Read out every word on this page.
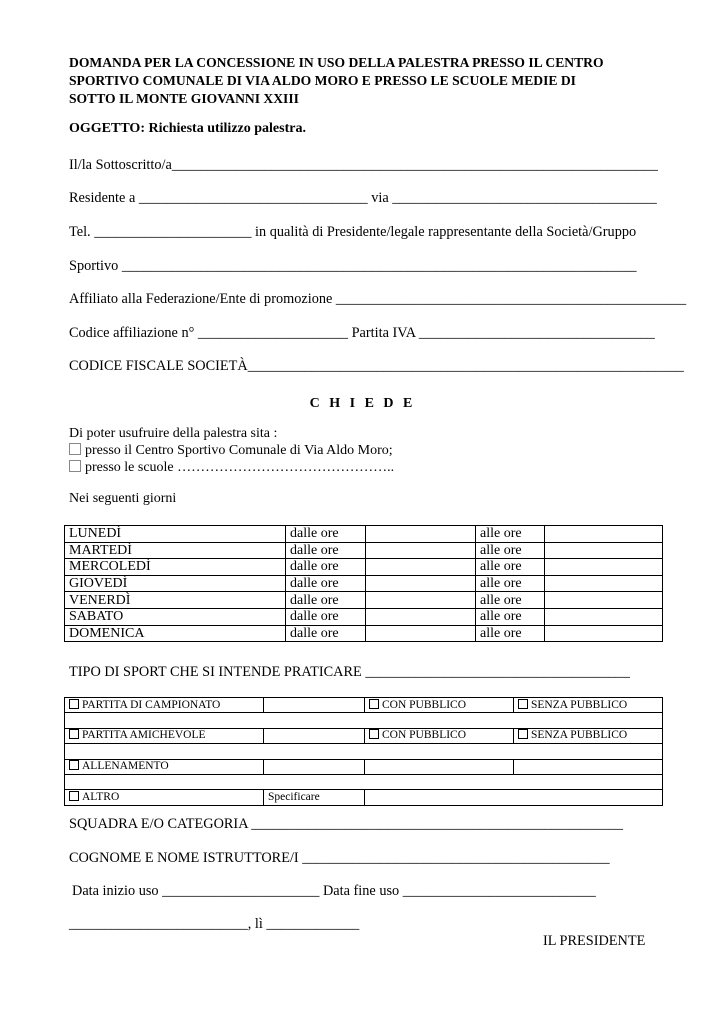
DOMANDA PER LA CONCESSIONE IN USO DELLA PALESTRA PRESSO IL CENTRO
SPORTIVO COMUNALE DI VIA ALDO MORO E PRESSO LE SCUOLE MEDIE DI
SOTTO IL MONTE GIOVANNI XXIII
OGGETTO: Richiesta utilizzo palestra.
Il/la Sottoscritto/a____________________________________________________________________
Residente a ________________________________ via _____________________________________
Tel. ______________________ in qualità di Presidente/legale rappresentante della Società/Gruppo
Sportivo ________________________________________________________________________
Affiliato alla Federazione/Ente di promozione _________________________________________________
Codice affiliazione n° _____________________ Partita IVA _________________________________
CODICE FISCALE SOCIETÀ_____________________________________________________________
C H I E D E
Di poter usufruire della palestra sita :
presso il Centro Sportivo Comunale di Via Aldo Moro;
presso le scuole ………………………………………..
Nei seguenti giorni
LUNEDÌ	dalle ore		alle ore	
MARTEDÌ	dalle ore		alle ore	
MERCOLEDÌ	dalle ore		alle ore	
GIOVEDÌ	dalle ore		alle ore	
VENERDÌ	dalle ore		alle ore	
SABATO	dalle ore		alle ore	
DOMENICA	dalle ore		alle ore	
TIPO DI SPORT CHE SI INTENDE PRATICARE _____________________________________
PARTITA DI CAMPIONATO		CON PUBBLICO	SENZA PUBBLICO

PARTITA AMICHEVOLE		CON PUBBLICO	SENZA PUBBLICO

ALLENAMENTO			

ALTRO	Specificare		
SQUADRA E/O CATEGORIA ____________________________________________________
COGNOME E NOME ISTRUTTORE/I ___________________________________________
Data inizio uso ______________________ Data fine uso ___________________________
_________________________, lì _____________
IL PRESIDENTE
